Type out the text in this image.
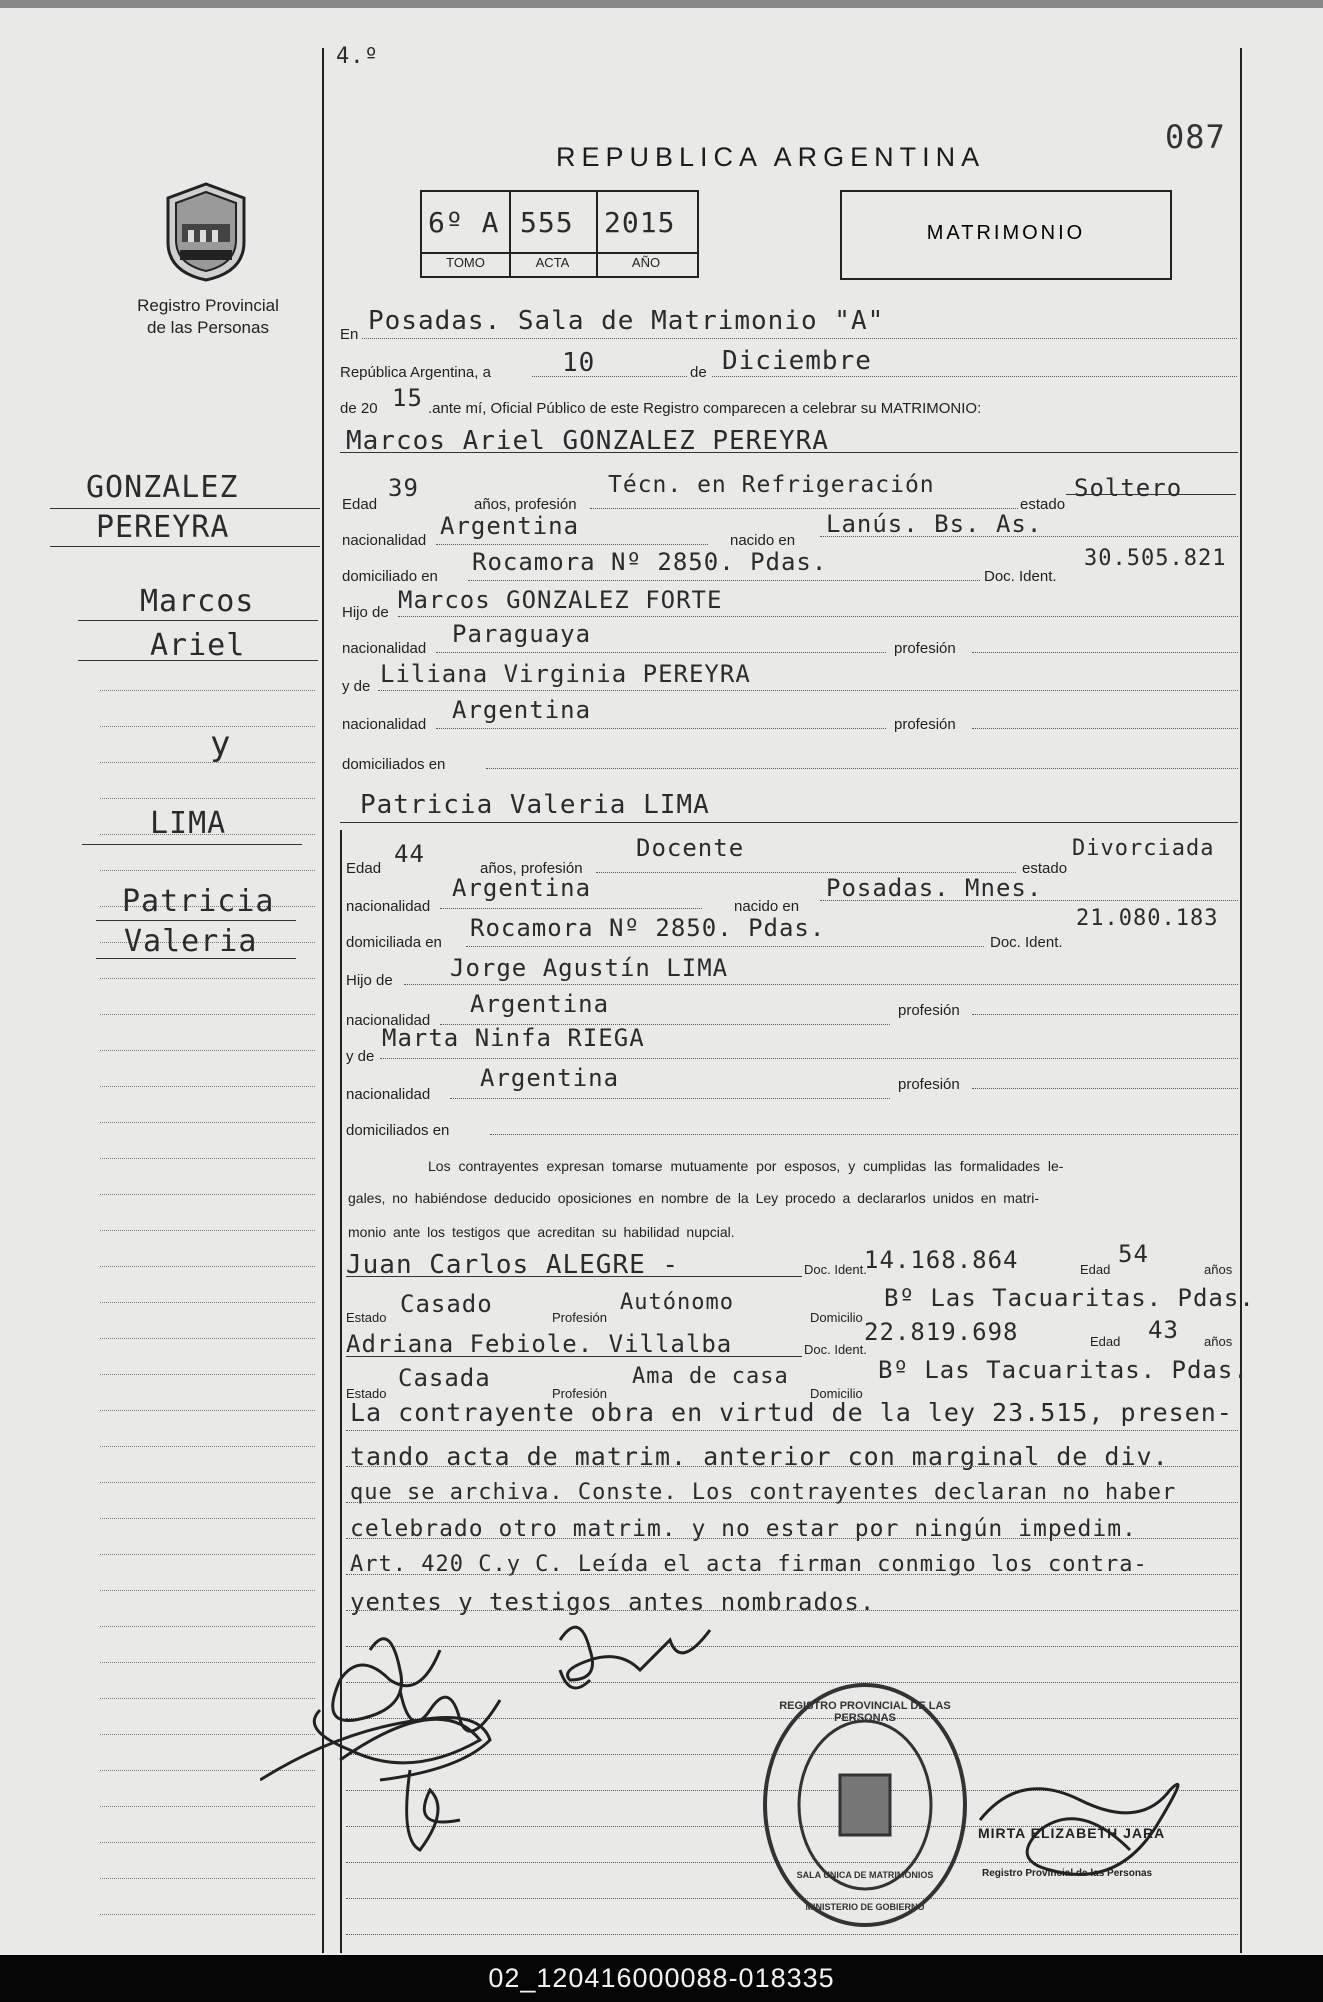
4.º
087
Registro Provincial
de las Personas
REPUBLICA ARGENTINA
6º A 555 2015
TOMO	ACTA	AÑO
MATRIMONIO
En Posadas. Sala de Matrimonio "A"
República Argentina, a	10	de Diciembre
de 20 15 .ante mí, Oficial Público de este Registro comparecen a celebrar su MATRIMONIO:
Marcos Ariel GONZALEZ PEREYRA
Edad
39
años, profesión
Técn. en Refrigeración
estado
Soltero
nacionalidad
Argentina
nacido en
Lanús. Bs. As.
domiciliado en
Rocamora Nº 2850. Pdas.
Doc. Ident.
30.505.821
Hijo de Marcos GONZALEZ FORTE
nacionalidad
Paraguaya
profesión
y de Liliana Virginia PEREYRA
nacionalidad
Argentina
profesión
domiciliados en
Patricia Valeria LIMA
Edad
44
años, profesión
Docente
estado
Divorciada
nacionalidad
Argentina
nacido en
Posadas. Mnes.
domiciliada en
Rocamora Nº 2850. Pdas.
Doc. Ident.
21.080.183
Hijo de Jorge Agustín LIMA
nacionalidad
Argentina	profesión
y de
Marta Ninfa RIEGA
nacionalidad
Argentina	profesión
domiciliados en
Los contrayentes expresan tomarse mutuamente por esposos, y cumplidas las formalidades le-
gales, no habiéndose deducido oposiciones en nombre de la Ley procedo a declararlos unidos en matri-
monio ante los testigos que acreditan su habilidad nupcial.
Juan Carlos ALEGRE -	Doc. Ident.
14.168.864	Edad
54
años
Estado Casado	Profesión
Autónomo
Domicilio
Bº Las Tacuaritas. Pdas.
Adriana Febiole. Villalba	Doc. Ident.
22.819.698	Edad 43 años
Estado
Casada
Profesión
Ama de casa
Domicilio
Bº Las Tacuaritas. Pdas.
La contrayente obra en virtud de la ley 23.515, presen-
tando acta de matrim. anterior con marginal de div.
que se archiva. Conste. Los contrayentes declaran no haber
celebrado otro matrim. y no estar por ningún impedim.
Art. 420 C.y C. Leída el acta firman conmigo los contra-
yentes y testigos antes nombrados.
GONZALEZ
PEREYRA
Marcos
Ariel
y
LIMA
Patricia
Valeria
REGISTRO PROVINCIAL DE LAS PERSONAS
SALA UNICA DE MATRIMONIOS
MINISTERIO DE GOBIERNO
MIRTA ELIZABETH JARA
Registro Provincial de las Personas
02_120416000088-018335
